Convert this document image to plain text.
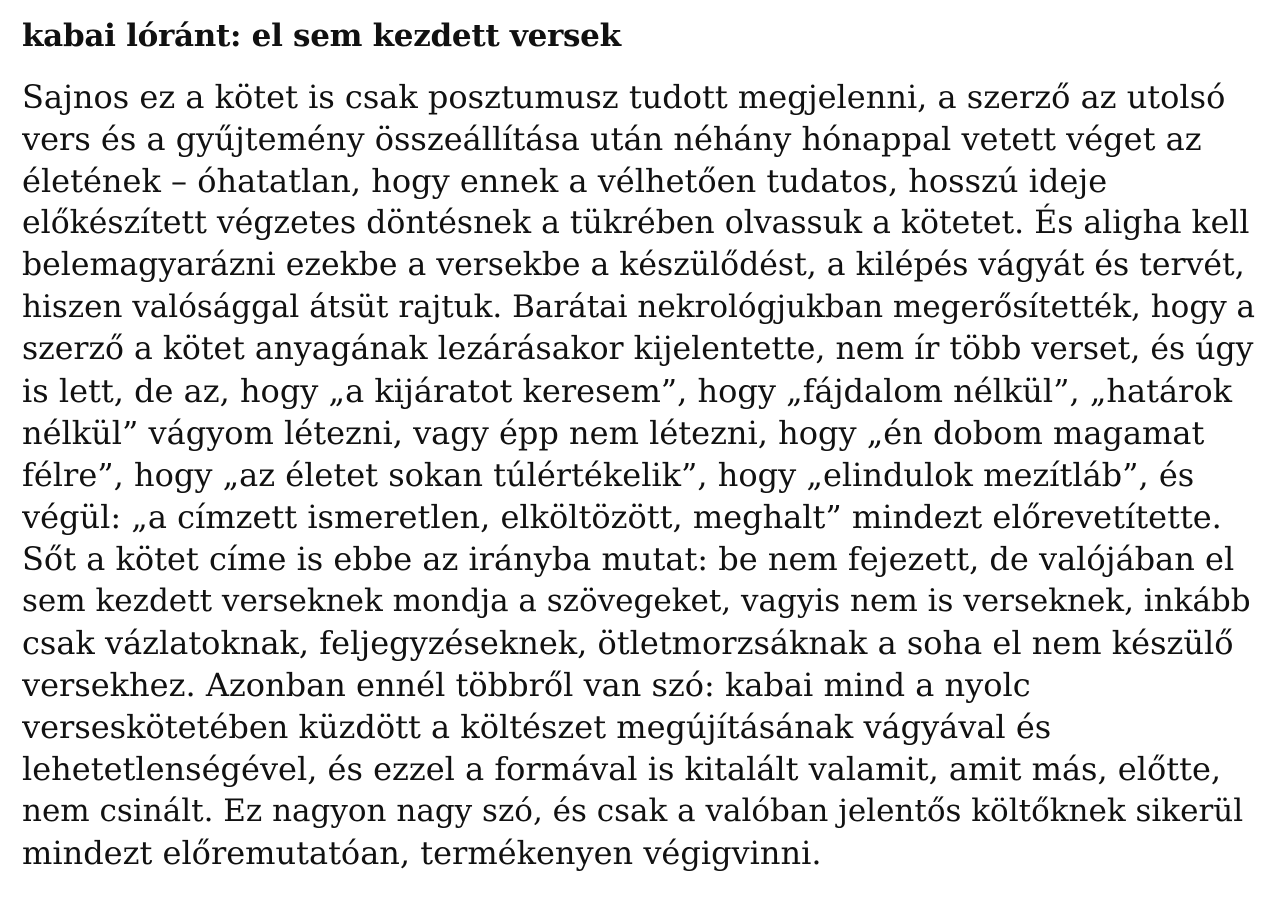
kabai lóránt: el sem kezdett versek

Sajnos ez a kötet is csak posztumusz tudott megjelenni, a szerző az utolsó
vers és a gyűjtemény összeállítása után néhány hónappal vetett véget az
életének – óhatatlan, hogy ennek a vélhetően tudatos, hosszú ideje
előkészített végzetes döntésnek a tükrében olvassuk a kötetet. És aligha kell
belemagyarázni ezekbe a versekbe a készülődést, a kilépés vágyát és tervét,
hiszen valósággal átsüt rajtuk. Barátai nekrológjukban megerősítették, hogy a
szerző a kötet anyagának lezárásakor kijelentette, nem ír több verset, és úgy
is lett, de az, hogy „a kijáratot keresem”, hogy „fájdalom nélkül”, „határok
nélkül” vágyom létezni, vagy épp nem létezni, hogy „én dobom magamat
félre”, hogy „az életet sokan túlértékelik”, hogy „elindulok mezítláb”, és
végül: „a címzett ismeretlen, elköltözött, meghalt” mindezt előrevetítette.
Sőt a kötet címe is ebbe az irányba mutat: be nem fejezett, de valójában el
sem kezdett verseknek mondja a szövegeket, vagyis nem is verseknek, inkább
csak vázlatoknak, feljegyzéseknek, ötletmorzsáknak a soha el nem készülő
versekhez. Azonban ennél többről van szó: kabai mind a nyolc
verseskötetében küzdött a költészet megújításának vágyával és
lehetetlenségével, és ezzel a formával is kitalált valamit, amit más, előtte,
nem csinált. Ez nagyon nagy szó, és csak a valóban jelentős költőknek sikerül
mindezt előremutatóan, termékenyen végigvinni.
